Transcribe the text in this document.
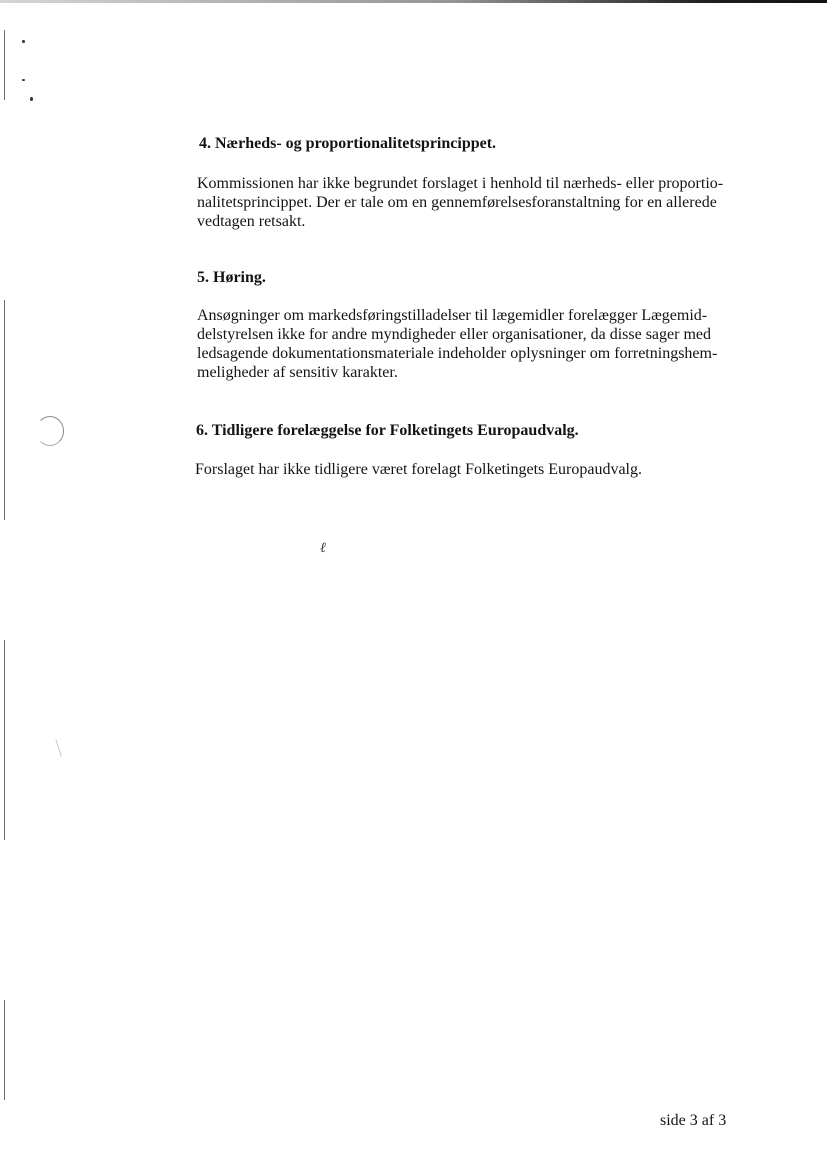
ℓ
4. Nærheds- og proportionalitetsprincippet.
Kommissionen har ikke begrundet forslaget i henhold til nærheds- eller proportio-
nalitetsprincippet. Der er tale om en gennemførelsesforanstaltning for en allerede
vedtagen retsakt.
5. Høring.
Ansøgninger om markedsføringstilladelser til lægemidler forelægger Lægemid-
delstyrelsen ikke for andre myndigheder eller organisationer, da disse sager med
ledsagende dokumentationsmateriale indeholder oplysninger om forretningshem-
meligheder af sensitiv karakter.
6. Tidligere forelæggelse for Folketingets Europaudvalg.
Forslaget har ikke tidligere været forelagt Folketingets Europaudvalg.
side 3 af 3
